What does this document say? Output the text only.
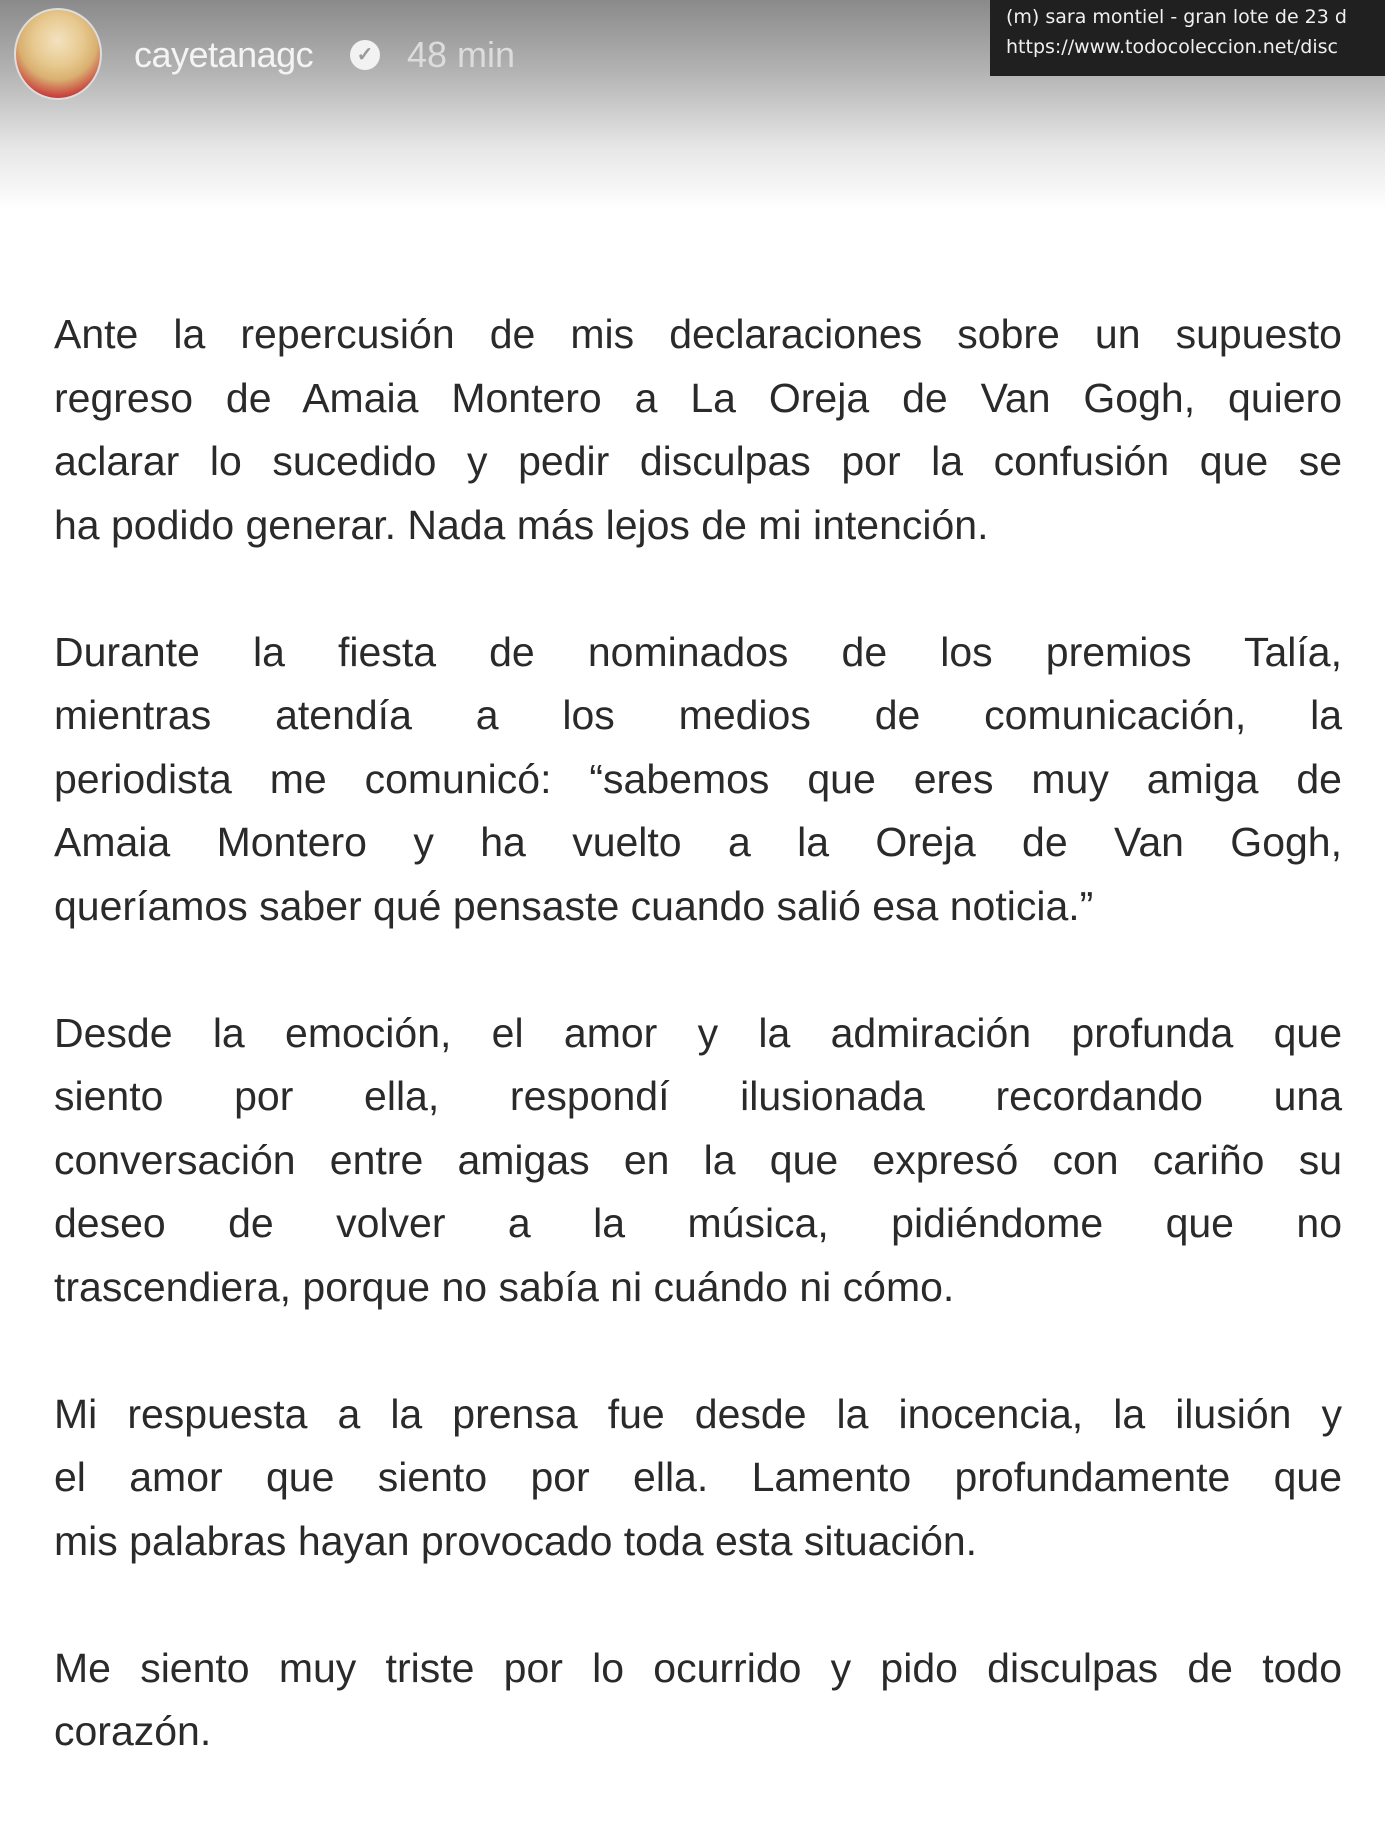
cayetanagc	✓ 48 min
(m) sara montiel - gran lote de 23 d
https://www.todocoleccion.net/disc
Ante la repercusión de mis declaraciones sobre un supuesto
regreso de Amaia Montero a La Oreja de Van Gogh, quiero
aclarar lo sucedido y pedir disculpas por la confusión que se
ha podido generar. Nada más lejos de mi intención.
Durante la fiesta de nominados de los premios Talía,
mientras atendía a los medios de comunicación, la
periodista me comunicó: “sabemos que eres muy amiga de
Amaia Montero y ha vuelto a la Oreja de Van Gogh,
queríamos saber qué pensaste cuando salió esa noticia.”
Desde la emoción, el amor y la admiración profunda que
siento por ella, respondí ilusionada recordando una
conversación entre amigas en la que expresó con cariño su
deseo de volver a la música, pidiéndome que no
trascendiera, porque no sabía ni cuándo ni cómo.
Mi respuesta a la prensa fue desde la inocencia, la ilusión y
el amor que siento por ella. Lamento profundamente que
mis palabras hayan provocado toda esta situación.
Me siento muy triste por lo ocurrido y pido disculpas de todo
corazón.
